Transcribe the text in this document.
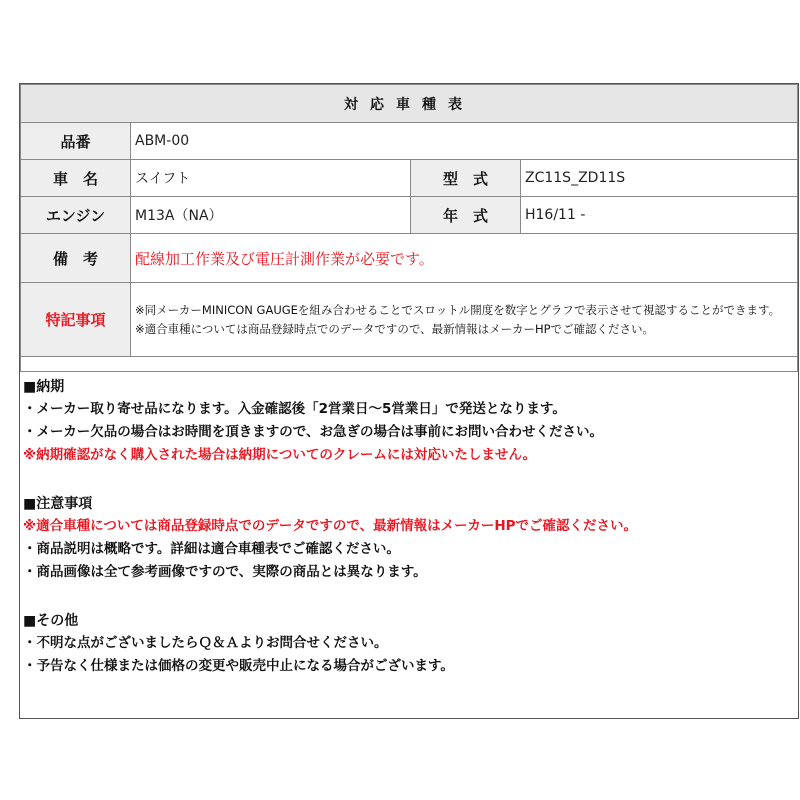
対応車種表			
品番	ABM-00		
車　名	スイフト	型　式	ZC11S_ZD11S
エンジン	M13A（NA）	年　式	H16/11 -
備　考	配線加工作業及び電圧計測作業が必要です。		
特記事項	※同メーカーMINICON GAUGEを組み合わせることでスロットル開度を数字とグラフで表示させて視認することができます。
※適合車種については商品登録時点でのデータですので、最新情報はメーカーHPでご確認ください。		

■納期
・メーカー取り寄せ品になります。入金確認後「2営業日～5営業日」で発送となります。
・メーカー欠品の場合はお時間を頂きますので、お急ぎの場合は事前にお問い合わせください。
※納期確認がなく購入された場合は納期についてのクレームには対応いたしません。
■注意事項
※適合車種については商品登録時点でのデータですので、最新情報はメーカーHPでご確認ください。
・商品説明は概略です。詳細は適合車種表でご確認ください。
・商品画像は全て参考画像ですので、実際の商品とは異なります。
■その他
・不明な点がございましたらＱ＆Ａよりお問合せください。
・予告なく仕様または価格の変更や販売中止になる場合がございます。
